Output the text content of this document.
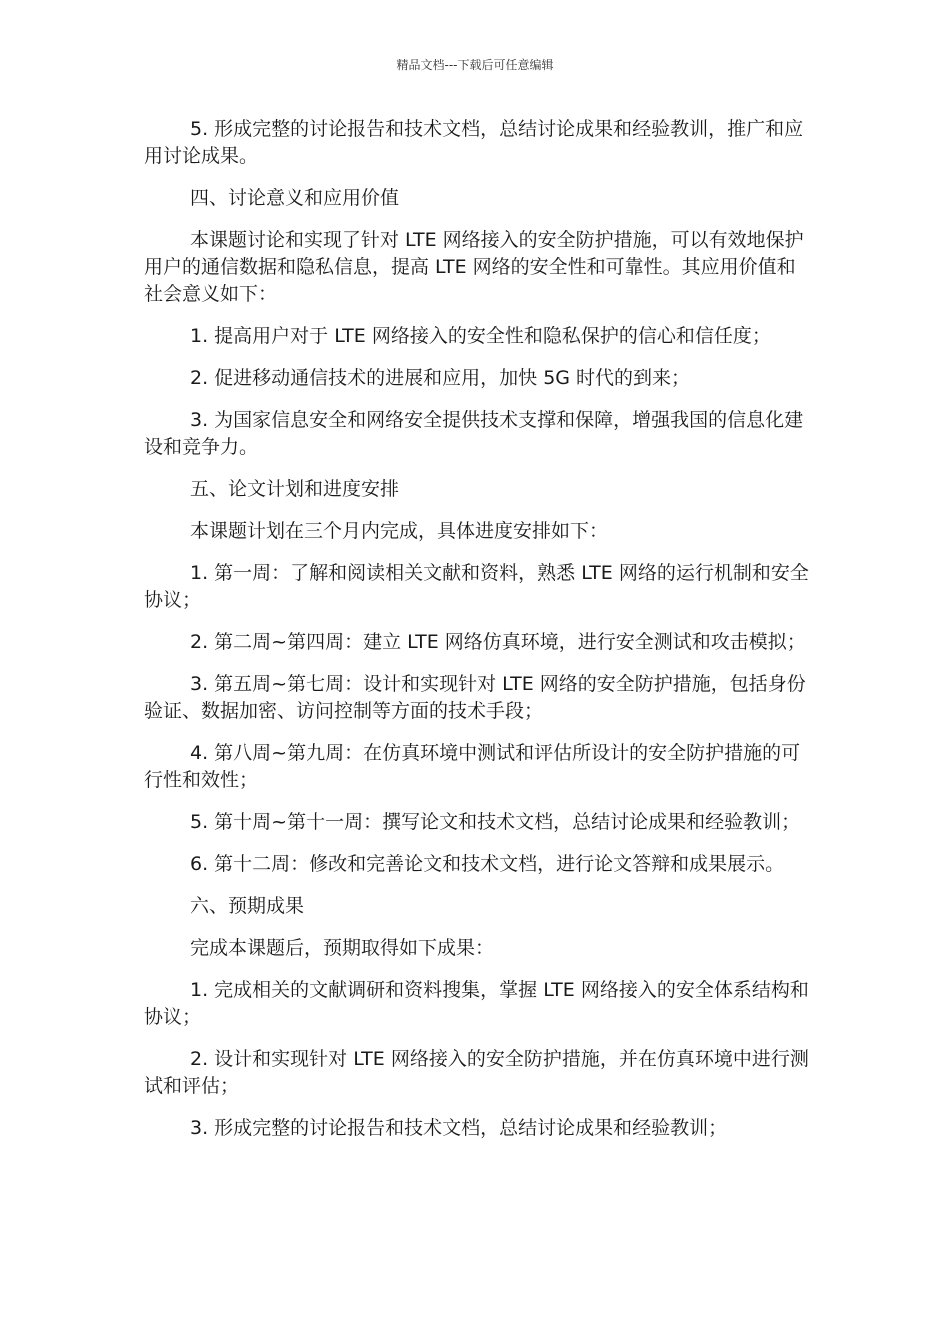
精品文档---下载后可任意编辑

5. 形成完整的讨论报告和技术文档，总结讨论成果和经验教训，推广和应用讨论成果。

四、讨论意义和应用价值

本课题讨论和实现了针对 LTE 网络接入的安全防护措施，可以有效地保护用户的通信数据和隐私信息，提高 LTE 网络的安全性和可靠性。其应用价值和社会意义如下：

1. 提高用户对于 LTE 网络接入的安全性和隐私保护的信心和信任度；

2. 促进移动通信技术的进展和应用，加快 5G 时代的到来；

3. 为国家信息安全和网络安全提供技术支撑和保障，增强我国的信息化建设和竞争力。

五、论文计划和进度安排

本课题计划在三个月内完成，具体进度安排如下：

1. 第一周：了解和阅读相关文献和资料，熟悉 LTE 网络的运行机制和安全协议；

2. 第二周~第四周：建立 LTE 网络仿真环境，进行安全测试和攻击模拟；

3. 第五周~第七周：设计和实现针对 LTE 网络的安全防护措施，包括身份验证、数据加密、访问控制等方面的技术手段；

4. 第八周~第九周：在仿真环境中测试和评估所设计的安全防护措施的可行性和效性；

5. 第十周~第十一周：撰写论文和技术文档，总结讨论成果和经验教训；

6. 第十二周：修改和完善论文和技术文档，进行论文答辩和成果展示。

六、预期成果

完成本课题后，预期取得如下成果：

1. 完成相关的文献调研和资料搜集，掌握 LTE 网络接入的安全体系结构和协议；

2. 设计和实现针对 LTE 网络接入的安全防护措施，并在仿真环境中进行测试和评估；

3. 形成完整的讨论报告和技术文档，总结讨论成果和经验教训；
